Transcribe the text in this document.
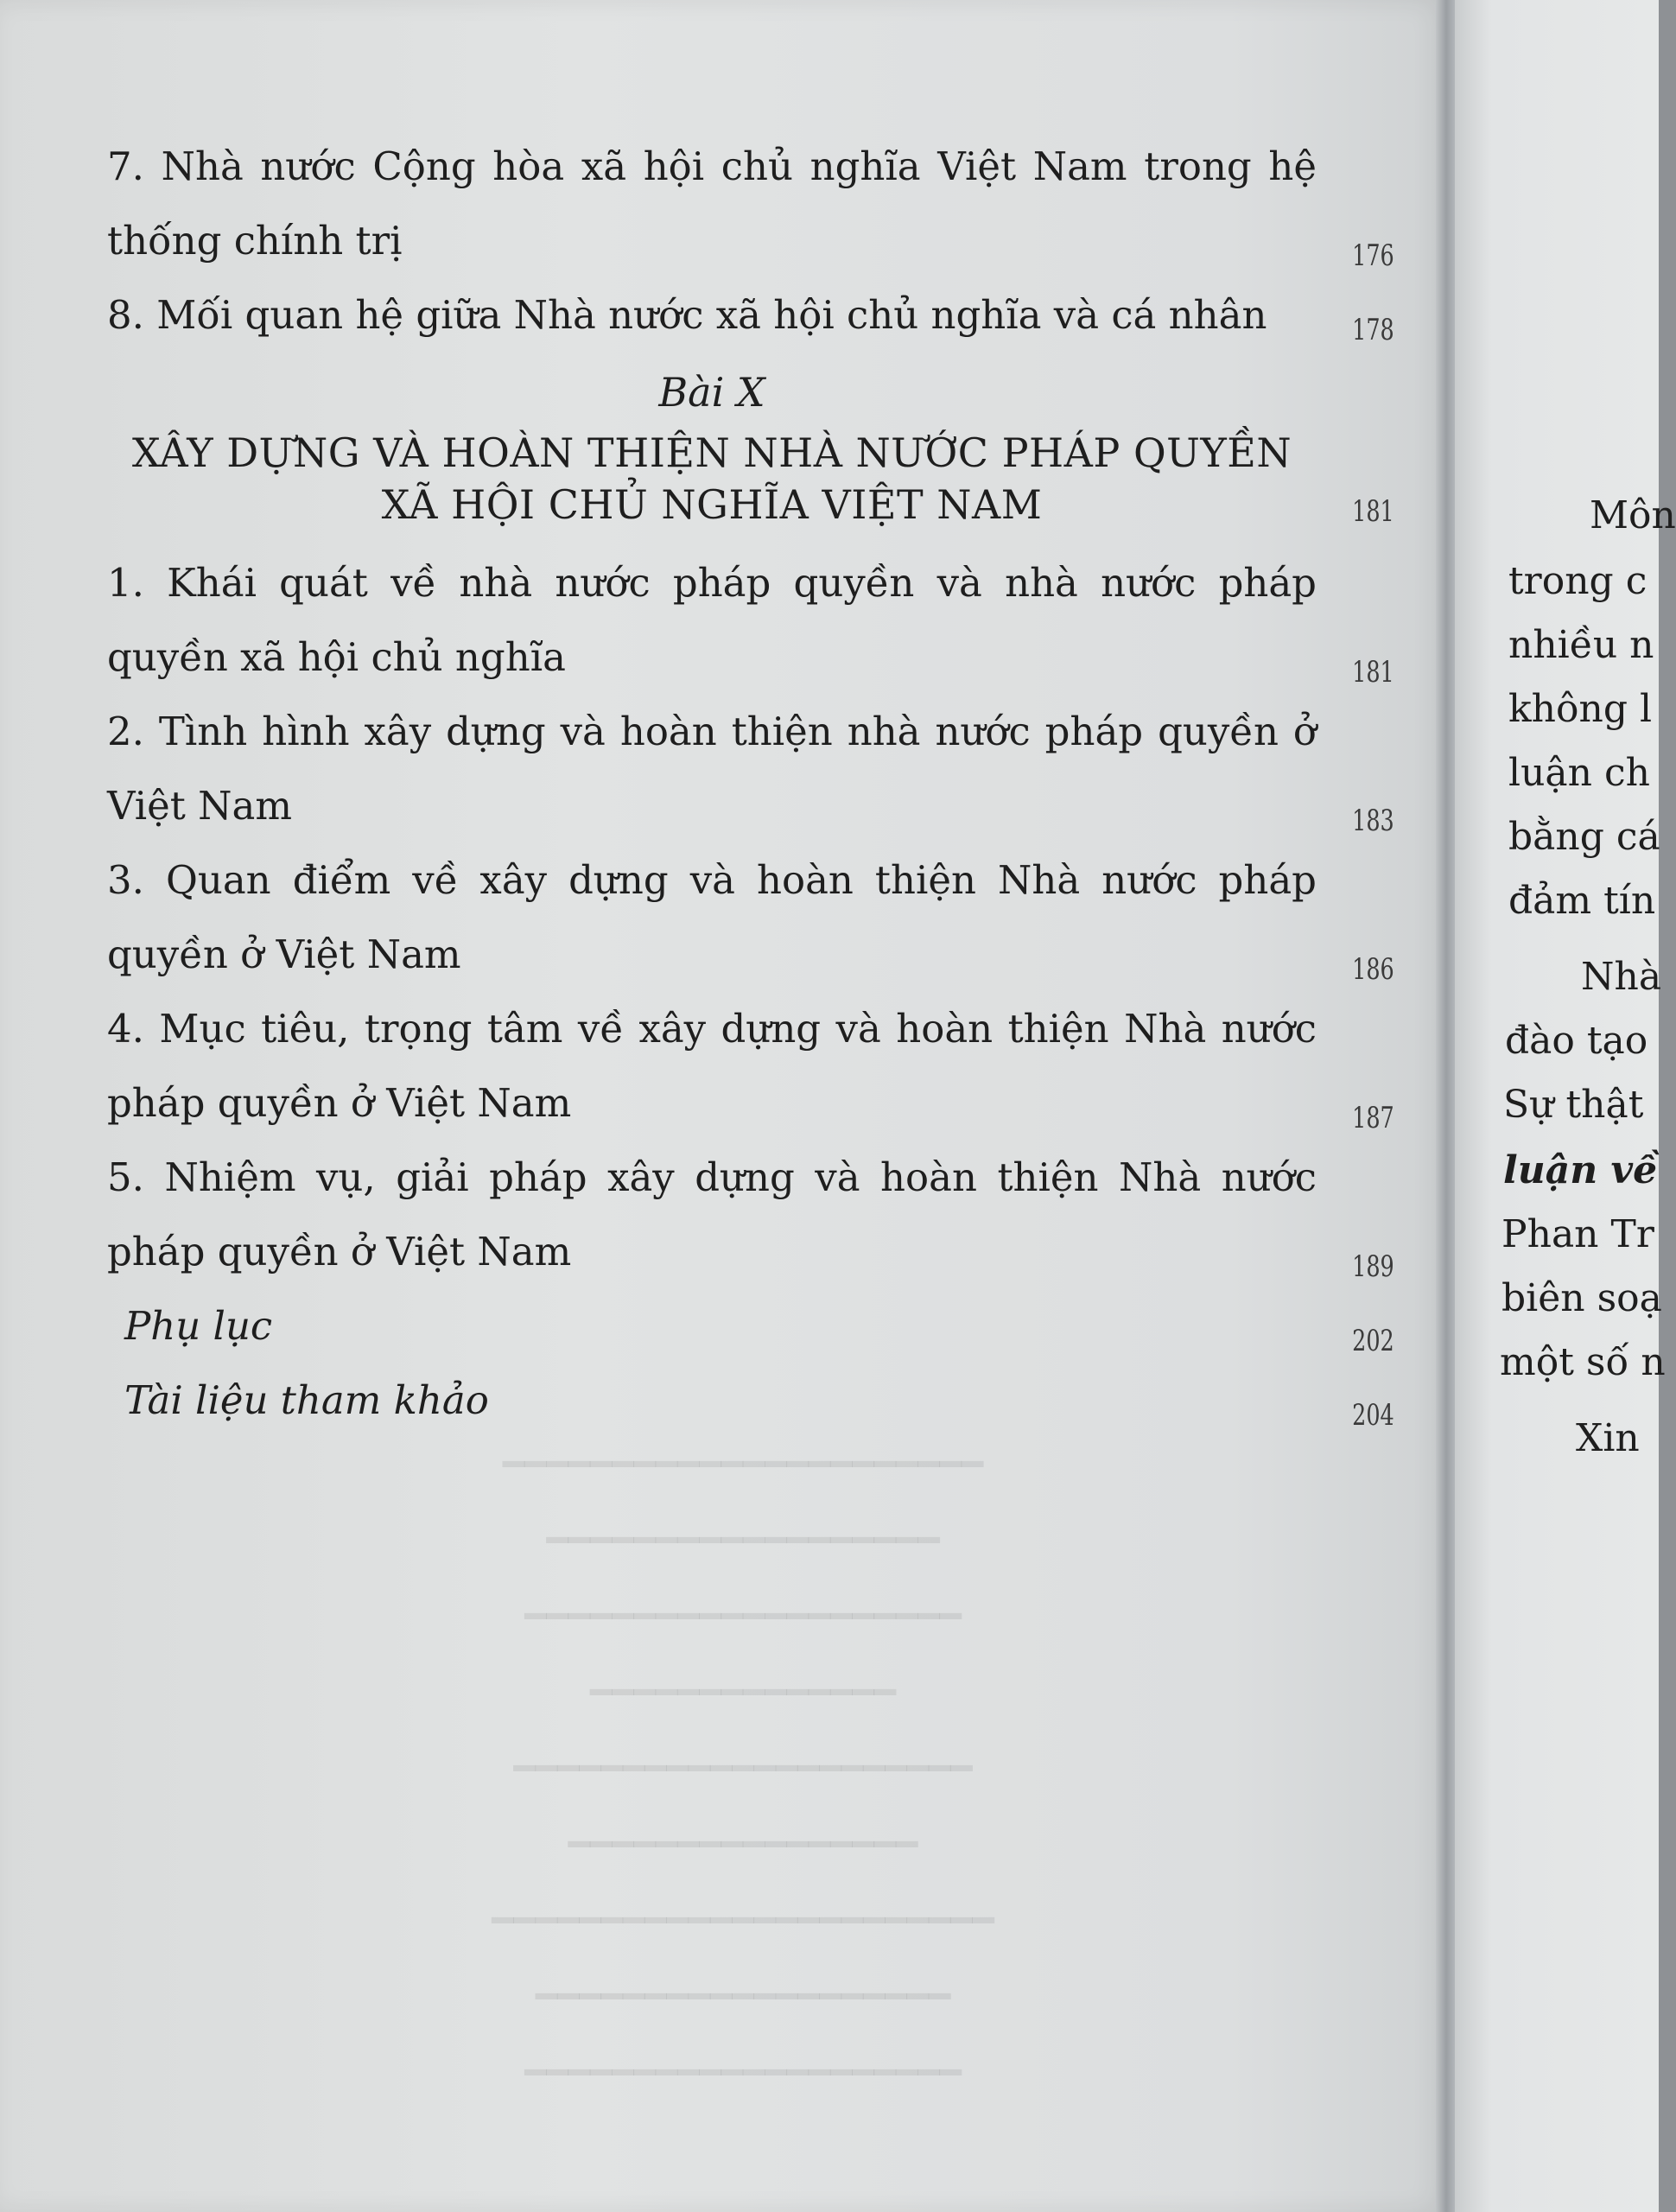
━━━━━━━━━━━━━━━━━━━━
━━━━━━━━━━━━━━━━━━━
━━━━━━━━━━━━━━━━━━━━━━━
━━━━━━━━━━━━━━━━
━━━━━━━━━━━━━━━━━━━━━
━━━━━━━━━━━━━━
━━━━━━━━━━━━━━━━━━━━
━━━━━━━━━━━━━━━━━━
━━━━━━━━━━━━━━━━━━━━━━
7. Nhà nước Cộng hòa xã hội chủ nghĩa Việt Nam trong hệ thống chính trị	176
8. Mối quan hệ giữa Nhà nước xã hội chủ nghĩa và cá nhân	178
Bài X
XÂY DỰNG VÀ HOÀN THIỆN NHÀ NƯỚC PHÁP QUYỀN
XÃ HỘI CHỦ NGHĨA VIỆT NAM	181
1. Khái quát về nhà nước pháp quyền và nhà nước pháp quyền xã hội chủ nghĩa	181
2. Tình hình xây dựng và hoàn thiện nhà nước pháp quyền ở Việt Nam	183
3. Quan điểm về xây dựng và hoàn thiện Nhà nước pháp quyền ở Việt Nam	186
4. Mục tiêu, trọng tâm về xây dựng và hoàn thiện Nhà nước pháp quyền ở Việt Nam	187
5. Nhiệm vụ, giải pháp xây dựng và hoàn thiện Nhà nước pháp quyền ở Việt Nam	189
Phụ lục	202
Tài liệu tham khảo	204
Môn
trong c
nhiều n
không l
luận ch
bằng cá
đảm tín
Nhà
đào tạo
Sự thật
luận về
Phan Tr
biên soạ
một số n
Xin
